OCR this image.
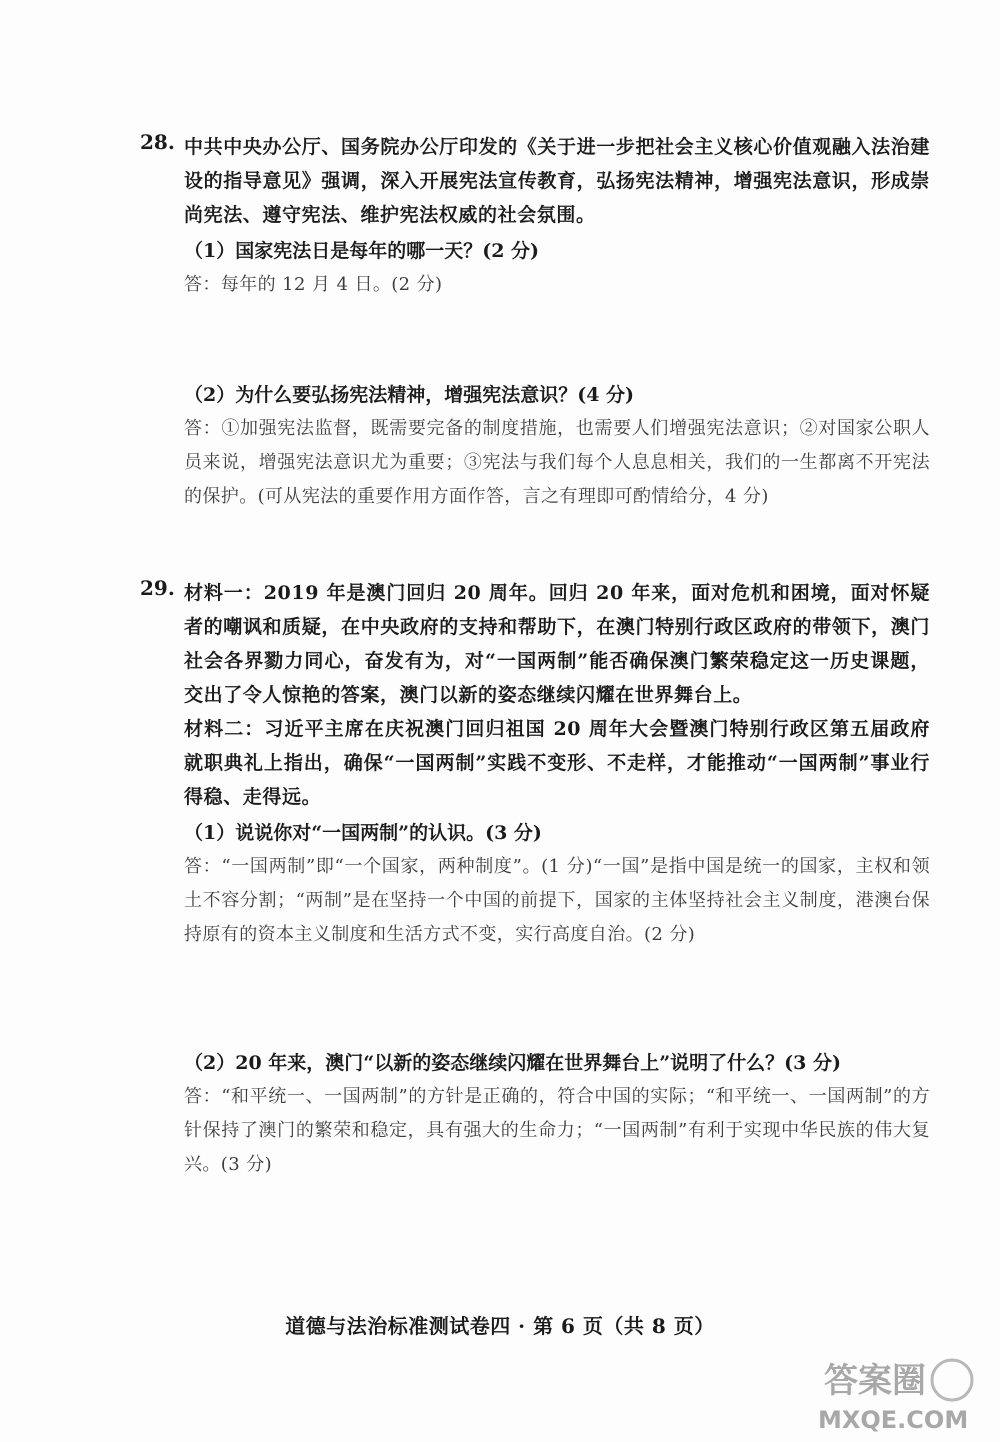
28. 中共中央办公厅、国务院办公厅印发的《关于进一步把社会主义核心价值观融入法治建设的指导意见》强调，深入开展宪法宣传教育，弘扬宪法精神，增强宪法意识，形成崇尚宪法、遵守宪法、维护宪法权威的社会氛围。
（1）国家宪法日是每年的哪一天？(2 分)
答：每年的 12 月 4 日。(2 分)
（2）为什么要弘扬宪法精神，增强宪法意识？(4 分)
答：①加强宪法监督，既需要完备的制度措施，也需要人们增强宪法意识；②对国家公职人员来说，增强宪法意识尤为重要；③宪法与我们每个人息息相关，我们的一生都离不开宪法的保护。(可从宪法的重要作用方面作答，言之有理即可酌情给分，4 分)
29. 材料一：2019 年是澳门回归 20 周年。回归 20 年来，面对危机和困境，面对怀疑者的嘲讽和质疑，在中央政府的支持和帮助下，在澳门特别行政区政府的带领下，澳门社会各界勠力同心，奋发有为，对“一国两制”能否确保澳门繁荣稳定这一历史课题，交出了令人惊艳的答案，澳门以新的姿态继续闪耀在世界舞台上。
材料二：习近平主席在庆祝澳门回归祖国 20 周年大会暨澳门特别行政区第五届政府就职典礼上指出，确保“一国两制”实践不变形、不走样，才能推动“一国两制”事业行得稳、走得远。
（1）说说你对“一国两制”的认识。(3 分)
答：“一国两制”即“一个国家，两种制度”。(1 分)“一国”是指中国是统一的国家，主权和领土不容分割；“两制”是在坚持一个中国的前提下，国家的主体坚持社会主义制度，港澳台保持原有的资本主义制度和生活方式不变，实行高度自治。(2 分)
（2）20 年来，澳门“以新的姿态继续闪耀在世界舞台上”说明了什么？(3 分)
答：“和平统一、一国两制”的方针是正确的，符合中国的实际；“和平统一、一国两制”的方针保持了澳门的繁荣和稳定，具有强大的生命力；“一国两制”有利于实现中华民族的伟大复兴。(3 分)
道德与法治标准测试卷四 · 第 6 页（共 8 页）
答案圈
MXQE.COM
